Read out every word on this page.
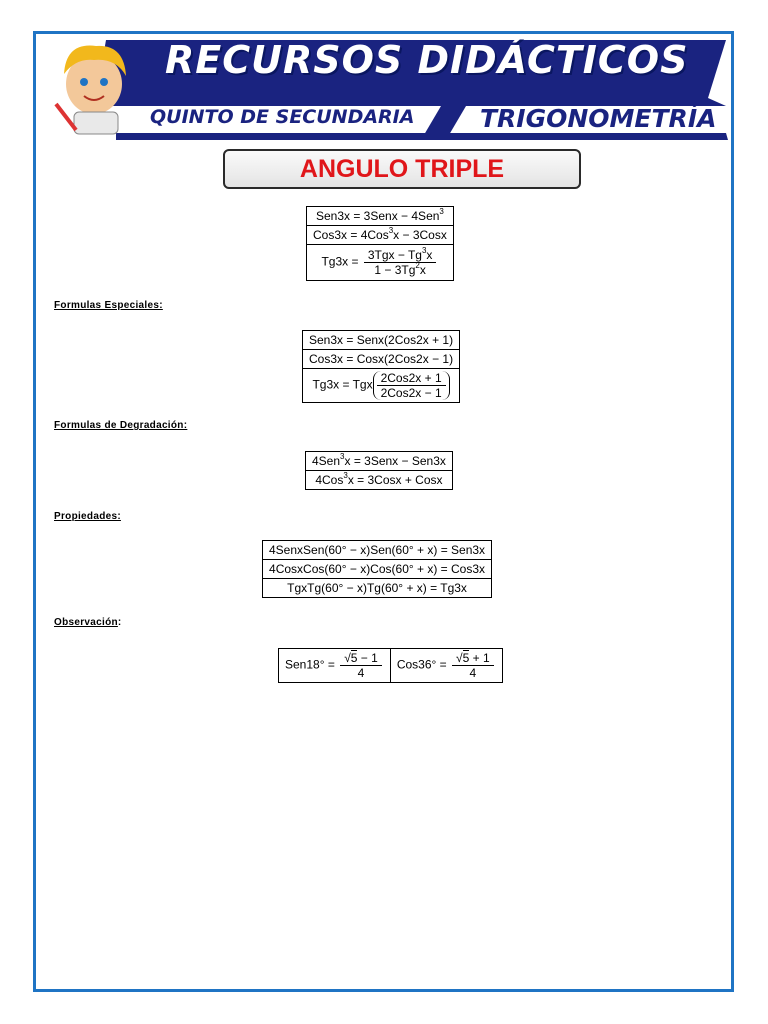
RECURSOS DIDÁCTICOS
QUINTO DE SECUNDARIA	TRIGONOMETRÍA
ANGULO TRIPLE
Sen3x = 3Senx − 4Sen$^3$
Cos3x = 4Cos$^3$x − 3Cosx
$Tg3x = \frac{3Tgx - Tg^3x}{1 - 3Tg^2x}$
Formulas Especiales:
Sen3x = Senx(2Cos2x + 1)
Cos3x = Cosx(2Cos2x − 1)
Tg3x = Tgx $\frac{\text{2Cos2x + 1}}{\text{2Cos2x − 1}}$
Formulas de Degradación:
4Sen$^3$x = 3Senx − Sen3x
4Cos$^3$x = 3Cosx + Cosx
Propiedades:
4SenxSen(60° − x)Sen(60° + x) = Sen3x
4CosxCos(60° − x)Cos(60° + x) = Cos3x
TgxTg(60° − x)Tg(60° + x) = Tg3x
Observación:
$Sen18^\circ = \frac{√5 - 1}{4}$	$Cos36^\circ = \frac{√5 + 1}{4}$
